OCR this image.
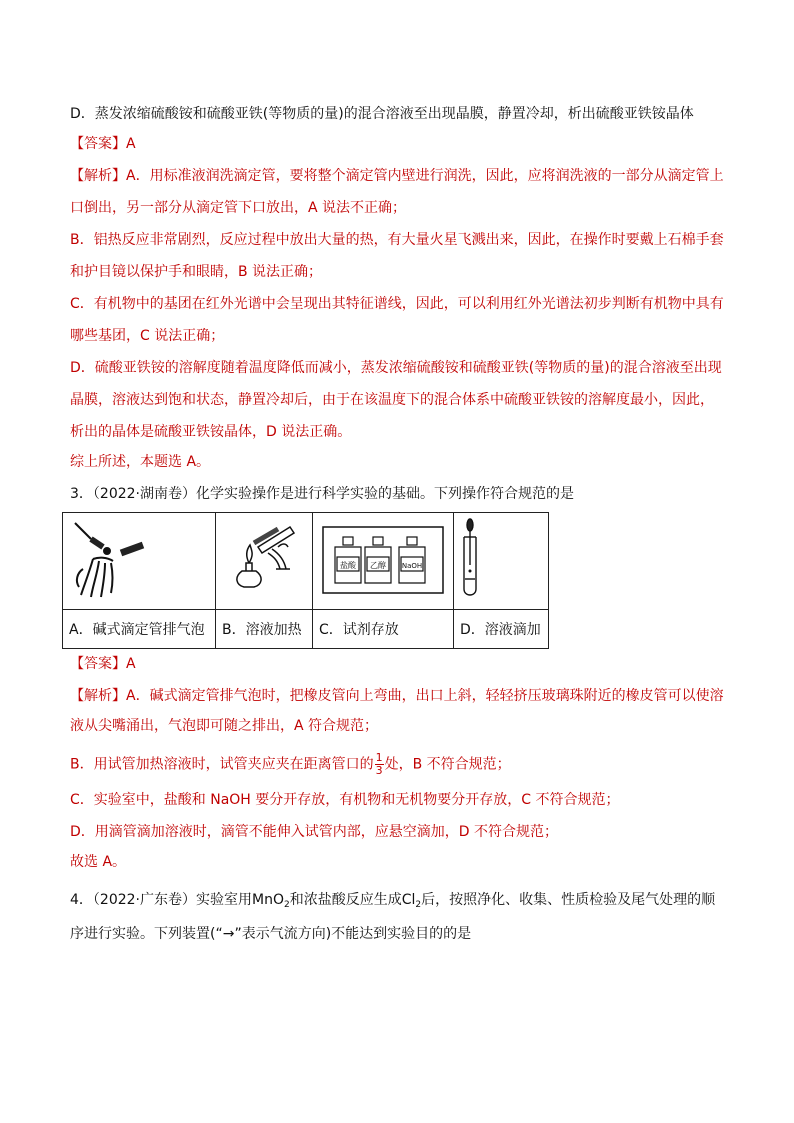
D．蒸发浓缩硫酸铵和硫酸亚铁(等物质的量)的混合溶液至出现晶膜，静置冷却，析出硫酸亚铁铵晶体

【答案】A

【解析】A．用标准液润洗滴定管，要将整个滴定管内壁进行润洗，因此，应将润洗液的一部分从滴定管上

口倒出，另一部分从滴定管下口放出，A 说法不正确；

B．铝热反应非常剧烈，反应过程中放出大量的热，有大量火星飞溅出来，因此，在操作时要戴上石棉手套

和护目镜以保护手和眼睛，B 说法正确；

C．有机物中的基团在红外光谱中会呈现出其特征谱线，因此，可以利用红外光谱法初步判断有机物中具有

哪些基团，C 说法正确；

D．硫酸亚铁铵的溶解度随着温度降低而减小，蒸发浓缩硫酸铵和硫酸亚铁(等物质的量)的混合溶液至出现

晶膜，溶液达到饱和状态，静置冷却后，由于在该温度下的混合体系中硫酸亚铁铵的溶解度最小，因此，

析出的晶体是硫酸亚铁铵晶体，D 说法正确。

综上所述，本题选 A。

3．（2022·湖南卷）化学实验操作是进行科学实验的基础。下列操作符合规范的是

盐酸 乙醇 NaOH

A．碱式滴定管排气泡	B．溶液加热	C．试剂存放	D．溶液滴加

【答案】A

【解析】A．碱式滴定管排气泡时，把橡皮管向上弯曲，出口上斜，轻轻挤压玻璃珠附近的橡皮管可以使溶

液从尖嘴涌出，气泡即可随之排出，A 符合规范；

B．用试管加热溶液时，试管夹应夹在距离管口的 $\frac{1}{3}$ 处，B 不符合规范；

C．实验室中，盐酸和 NaOH 要分开存放，有机物和无机物要分开存放，C 不符合规范；

D．用滴管滴加溶液时，滴管不能伸入试管内部，应悬空滴加，D 不符合规范；

故选 A。

4．（2022·广东卷）实验室用MnO$_2$和浓盐酸反应生成$Cl_2$后，按照净化、收集、性质检验及尾气处理的顺

序进行实验。下列装置(“→”表示气流方向)不能达到实验目的的是
